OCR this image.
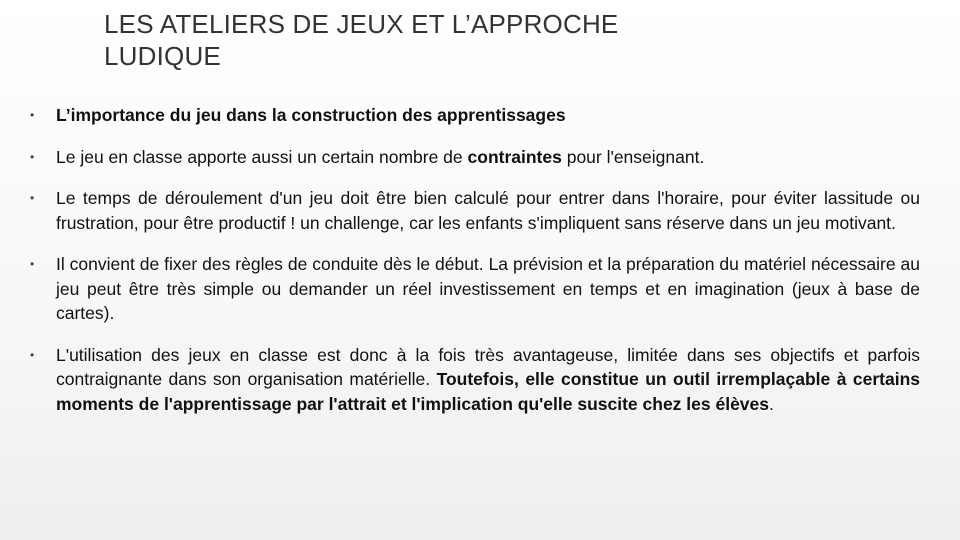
LES ATELIERS DE JEUX ET L’APPROCHE
LUDIQUE
• L’importance du jeu dans la construction des apprentissages
• Le jeu en classe apporte aussi un certain nombre de contraintes pour l'enseignant.
• Le temps de déroulement d'un jeu doit être bien calculé pour entrer dans l'horaire, pour éviter lassitude ou frustration, pour être productif ! un challenge, car les enfants s'impliquent sans réserve dans un jeu motivant.
• Il convient de fixer des règles de conduite dès le début. La prévision et la préparation du matériel nécessaire au jeu peut être très simple ou demander un réel investissement en temps et en imagination (jeux à base de cartes).
• L'utilisation des jeux en classe est donc à la fois très avantageuse, limitée dans ses objectifs et parfois contraignante dans son organisation matérielle. Toutefois, elle constitue un outil irremplaçable à certains moments de l'apprentissage par l'attrait et l'implication qu'elle suscite chez les élèves.
